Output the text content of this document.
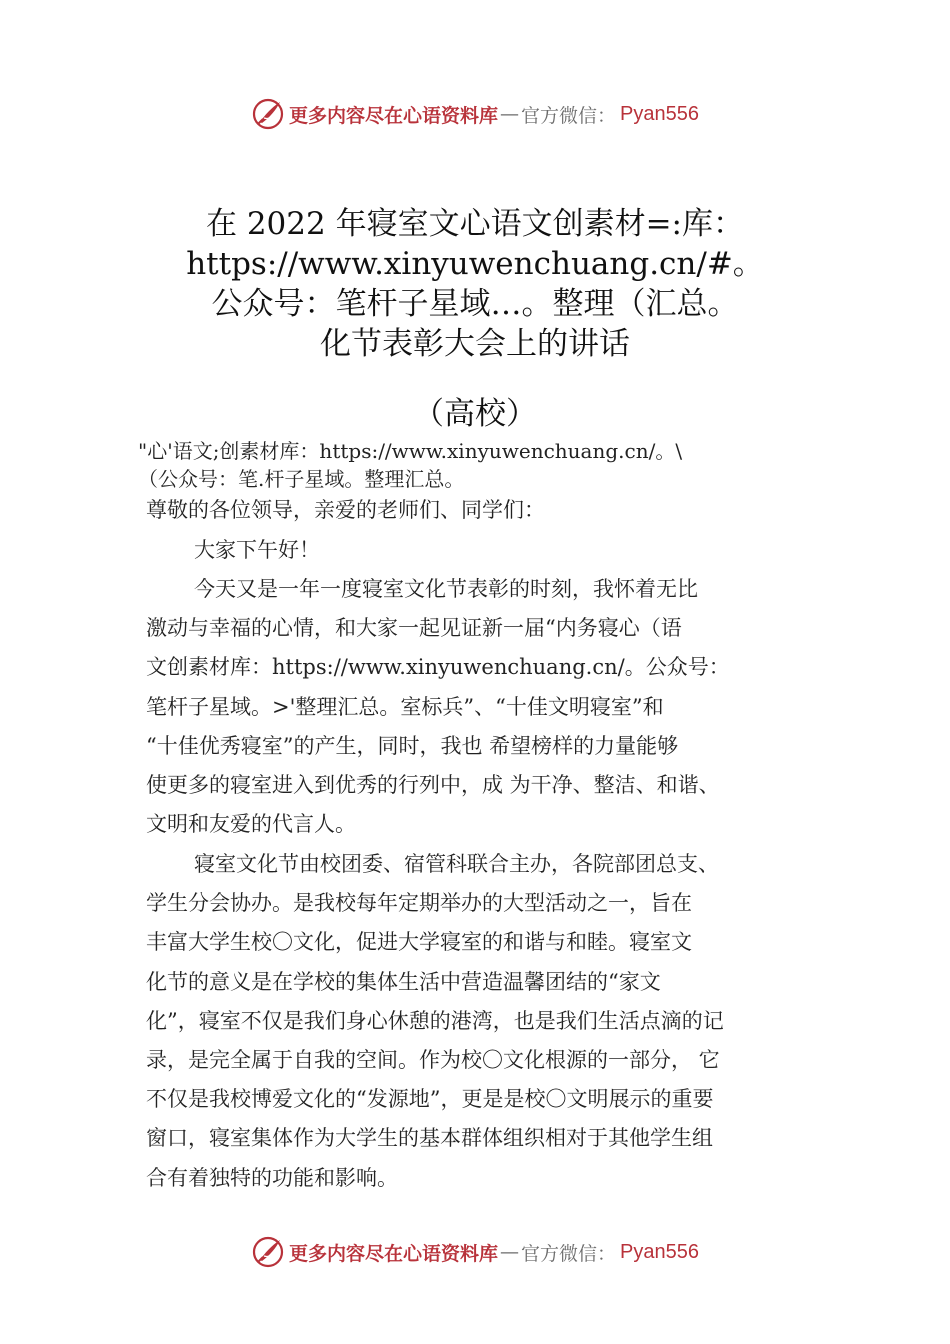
更多内容尽在心语资料库 — 官方微信： Pyan556
在 2022 年寝室文心语文创素材=:库：
https://www.xinyuwenchuang.cn/#。
公众号：笔杆子星域…。整理（汇总。
化节表彰大会上的讲话
（高校）
"心'语文;创素材库：https://www.xinyuwenchuang.cn/。\
（公众号：笔.杆子星域。整理汇总。
尊敬的各位领导，亲爱的老师们、同学们：
大家下午好！
今天又是一年一度寝室文化节表彰的时刻，我怀着无比
激动与幸福的心情，和大家一起见证新一届“内务寝心（语
文创素材库：https://www.xinyuwenchuang.cn/。公众号：
笔杆子星域。>'整理汇总。室标兵”、“十佳文明寝室”和
“十佳优秀寝室”的产生，同时，我也 希望榜样的力量能够
使更多的寝室进入到优秀的行列中，成 为干净、整洁、和谐、
文明和友爱的代言人。
寝室文化节由校团委、宿管科联合主办，各院部团总支、
学生分会协办。是我校每年定期举办的大型活动之一，旨在
丰富大学生校〇文化，促进大学寝室的和谐与和睦。寝室文
化节的意义是在学校的集体生活中营造温馨团结的“家文
化”，寝室不仅是我们身心休憩的港湾，也是我们生活点滴的记
录，是完全属于自我的空间。作为校〇文化根源的一部分， 它
不仅是我校博爱文化的“发源地”，更是是校〇文明展示的重要
窗口，寝室集体作为大学生的基本群体组织相对于其他学生组
合有着独特的功能和影响。
更多内容尽在心语资料库 — 官方微信： Pyan556
